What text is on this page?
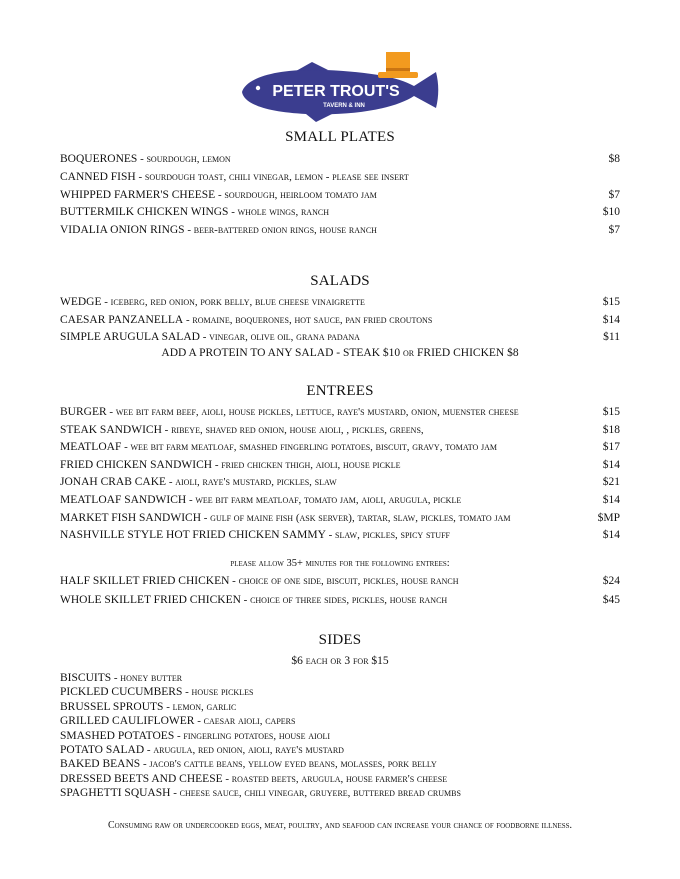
PETER TROUT'S
TAVERN & INN
SMALL PLATES
BOQUERONES - sourdough, lemon	$8
CANNED FISH - sourdough toast, chili vinegar, lemon - please see insert
WHIPPED FARMER'S CHEESE - sourdough, heirloom tomato jam	$7
BUTTERMILK CHICKEN WINGS - whole wings, ranch	$10
VIDALIA ONION RINGS - beer-battered onion rings, house ranch	$7
SALADS
WEDGE - iceberg, red onion, pork belly, blue cheese vinaigrette	$15
CAESAR PANZANELLA - romaine, boquerones, hot sauce, pan fried croutons	$14
SIMPLE ARUGULA SALAD - vinegar, olive oil, grana padana	$11
ADD A PROTEIN TO ANY SALAD - STEAK $10 or FRIED CHICKEN $8
ENTREES
BURGER - wee bit farm beef, aioli, house pickles, lettuce, raye's mustard, onion, muenster cheese	$15
STEAK SANDWICH - ribeye, shaved red onion, house aioli, , pickles, greens,	$18
MEATLOAF - wee bit farm meatloaf, smashed fingerling potatoes, biscuit, gravy, tomato jam	$17
FRIED CHICKEN SANDWICH - fried chicken thigh, aioli, house pickle	$14
JONAH CRAB CAKE - aioli, raye's mustard, pickles, slaw	$21
MEATLOAF SANDWICH - wee bit farm meatloaf, tomato jam, aioli, arugula, pickle	$14
MARKET FISH SANDWICH - gulf of maine fish (ask server), tartar, slaw, pickles, tomato jam	$MP
NASHVILLE STYLE HOT FRIED CHICKEN SAMMY - slaw, pickles, spicy stuff	$14
please allow 35+ minutes for the following entrees:
HALF SKILLET FRIED CHICKEN - choice of one side, biscuit, pickles, house ranch	$24
WHOLE SKILLET FRIED CHICKEN - choice of three sides, pickles, house ranch	$45
SIDES
$6 each or 3 for $15
BISCUITS - honey butter
PICKLED CUCUMBERS - house pickles
BRUSSEL SPROUTS - lemon, garlic
GRILLED CAULIFLOWER - caesar aioli, capers
SMASHED POTATOES - fingerling potatoes, house aioli
POTATO SALAD - arugula, red onion, aioli, raye's mustard
BAKED BEANS - jacob's cattle beans, yellow eyed beans, molasses, pork belly
DRESSED BEETS AND CHEESE - roasted beets, arugula, house farmer's cheese
SPAGHETTI SQUASH - cheese sauce, chili vinegar, gruyere, buttered bread crumbs
Consuming raw or undercooked eggs, meat, poultry, and seafood can increase your chance of foodborne illness.
